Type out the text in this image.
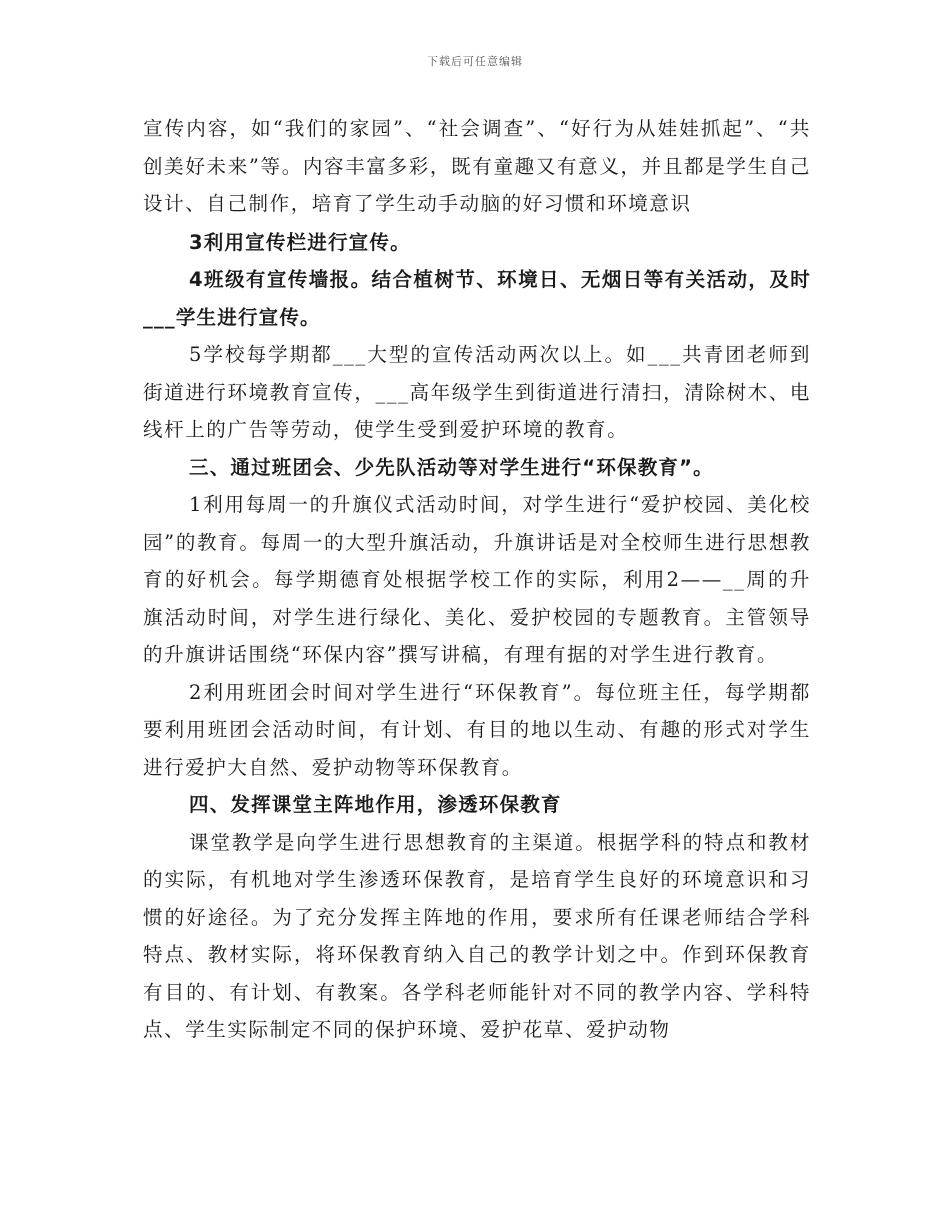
下载后可任意编辑

宣传内容，如“我们的家园”、“社会调查”、“好行为从娃娃抓起”、“共创美好未来”等。内容丰富多彩，既有童趣又有意义，并且都是学生自己设计、自己制作，培育了学生动手动脑的好习惯和环境意识

3利用宣传栏进行宣传。

4班级有宣传墙报。结合植树节、环境日、无烟日等有关活动，及时___学生进行宣传。

5学校每学期都___大型的宣传活动两次以上。如___共青团老师到街道进行环境教育宣传，___高年级学生到街道进行清扫，清除树木、电线杆上的广告等劳动，使学生受到爱护环境的教育。

三、通过班团会、少先队活动等对学生进行“环保教育”。

1利用每周一的升旗仪式活动时间，对学生进行“爱护校园、美化校园”的教育。每周一的大型升旗活动，升旗讲话是对全校师生进行思想教育的好机会。每学期德育处根据学校工作的实际，利用2——__周的升旗活动时间，对学生进行绿化、美化、爱护校园的专题教育。主管领导的升旗讲话围绕“环保内容”撰写讲稿，有理有据的对学生进行教育。

2利用班团会时间对学生进行“环保教育”。每位班主任，每学期都要利用班团会活动时间，有计划、有目的地以生动、有趣的形式对学生进行爱护大自然、爱护动物等环保教育。

四、发挥课堂主阵地作用，渗透环保教育

课堂教学是向学生进行思想教育的主渠道。根据学科的特点和教材的实际，有机地对学生渗透环保教育，是培育学生良好的环境意识和习惯的好途径。为了充分发挥主阵地的作用，要求所有任课老师结合学科特点、教材实际，将环保教育纳入自己的教学计划之中。作到环保教育有目的、有计划、有教案。各学科老师能针对不同的教学内容、学科特点、学生实际制定不同的保护环境、爱护花草、爱护动物
